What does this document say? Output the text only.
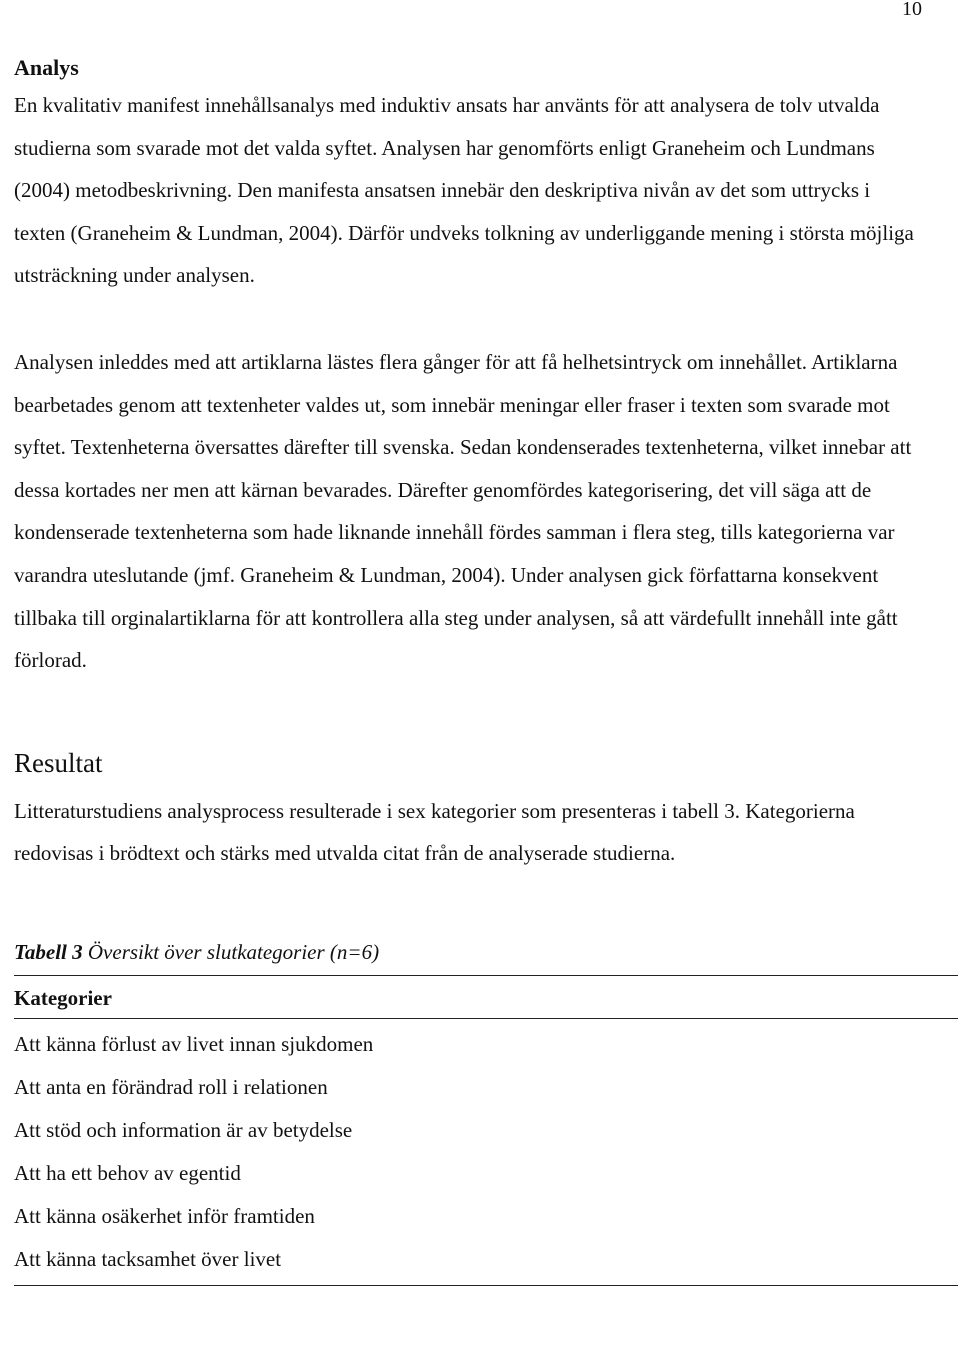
10
Analys

En kvalitativ manifest innehållsanalys med induktiv ansats har använts för att analysera de tolv utvalda studierna som svarade mot det valda syftet. Analysen har genomförts enligt Graneheim och Lundmans (2004) metodbeskrivning. Den manifesta ansatsen innebär den deskriptiva nivån av det som uttrycks i texten (Graneheim & Lundman, 2004). Därför undveks tolkning av underliggande mening i största möjliga utsträckning under analysen.

Analysen inleddes med att artiklarna lästes flera gånger för att få helhetsintryck om innehållet. Artiklarna bearbetades genom att textenheter valdes ut, som innebär meningar eller fraser i texten som svarade mot syftet. Textenheterna översattes därefter till svenska. Sedan kondenserades textenheterna, vilket innebar att dessa kortades ner men att kärnan bevarades. Därefter genomfördes kategorisering, det vill säga att de kondenserade textenheterna som hade liknande innehåll fördes samman i flera steg, tills kategorierna var varandra uteslutande (jmf. Graneheim & Lundman, 2004). Under analysen gick författarna konsekvent tillbaka till orginalartiklarna för att kontrollera alla steg under analysen, så att värdefullt innehåll inte gått förlorad.

Resultat

Litteraturstudiens analysprocess resulterade i sex kategorier som presenteras i tabell 3. Kategorierna redovisas i brödtext och stärks med utvalda citat från de analyserade studierna.

Tabell 3 Översikt över slutkategorier (n=6)

Kategorier
Att känna förlust av livet innan sjukdomen
Att anta en förändrad roll i relationen
Att stöd och information är av betydelse
Att ha ett behov av egentid
Att känna osäkerhet inför framtiden
Att känna tacksamhet över livet
